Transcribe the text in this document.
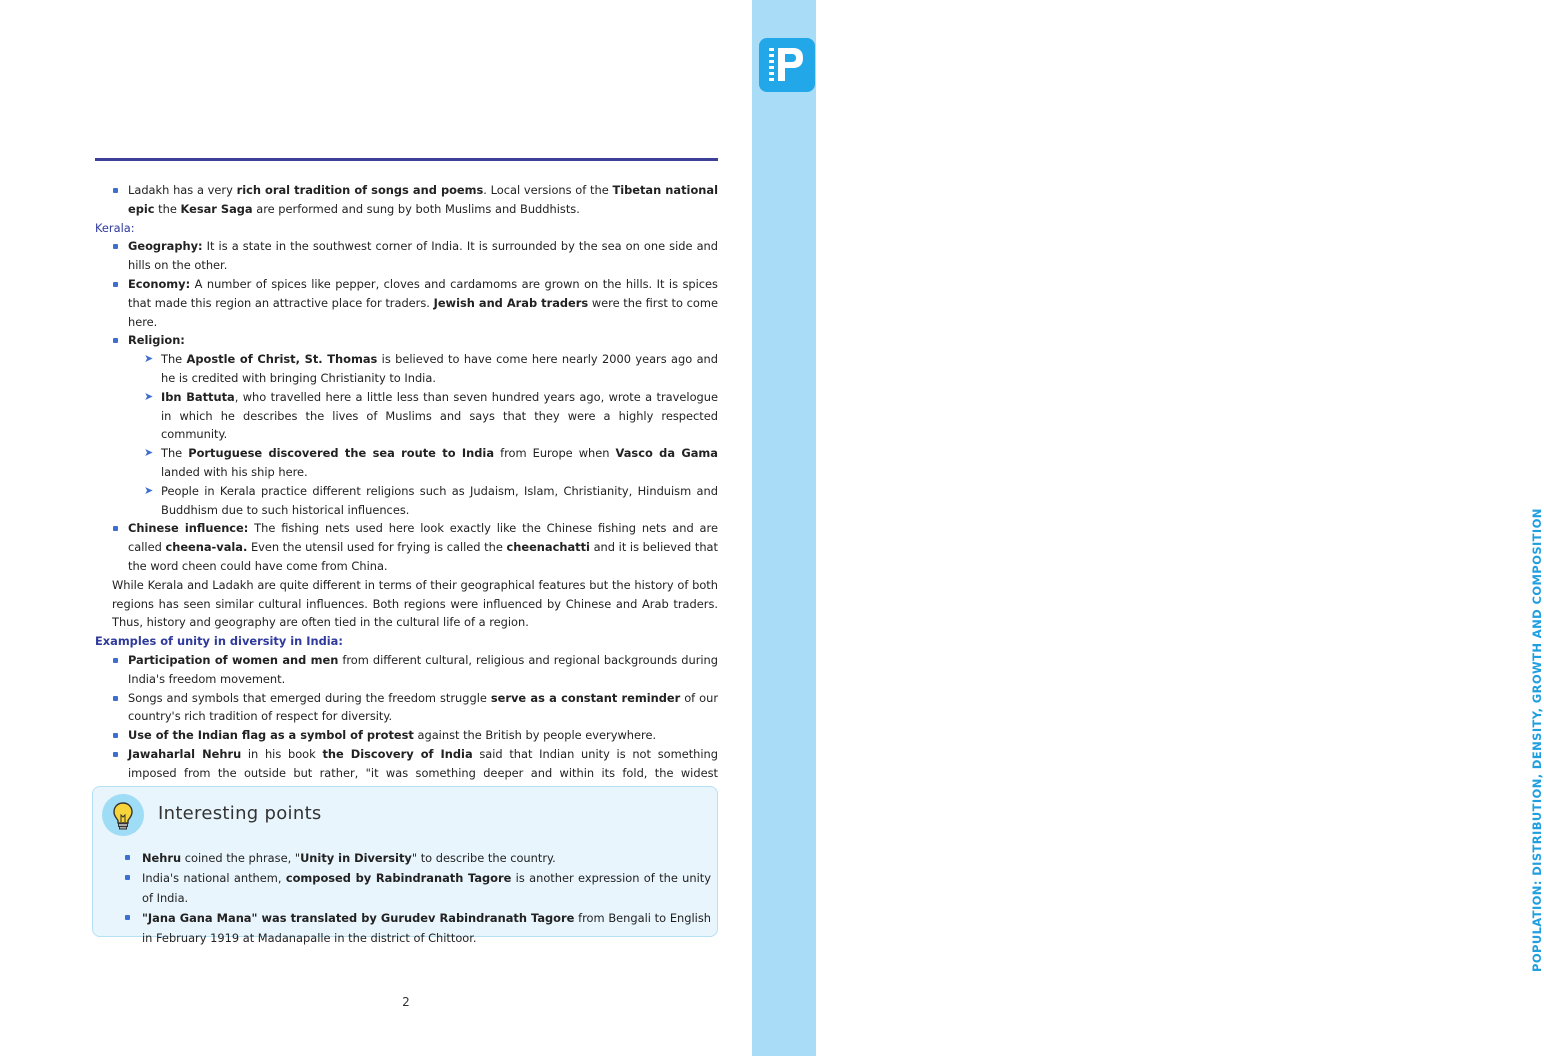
POPULATION: DISTRIBUTION, DENSITY, GROWTH AND COMPOSITION
Ladakh has a very rich oral tradition of songs and poems. Local versions of the Tibetan national epic the Kesar Saga are performed and sung by both Muslims and Buddhists.

Kerala:

Geography: It is a state in the southwest corner of India. It is surrounded by the sea on one side and hills on the other.
Economy: A number of spices like pepper, cloves and cardamoms are grown on the hills. It is spices that made this region an attractive place for traders. Jewish and Arab traders were the first to come here.
Religion:
➤ The Apostle of Christ, St. Thomas is believed to have come here nearly 2000 years ago and he is credited with bringing Christianity to India.
➤ Ibn Battuta, who travelled here a little less than seven hundred years ago, wrote a travelogue in which he describes the lives of Muslims and says that they were a highly respected community.
➤ The Portuguese discovered the sea route to India from Europe when Vasco da Gama landed with his ship here.
➤ People in Kerala practice different religions such as Judaism, Islam, Christianity, Hinduism and Buddhism due to such historical influences.
Chinese influence: The fishing nets used here look exactly like the Chinese fishing nets and are called cheena-vala. Even the utensil used for frying is called the cheenachatti and it is believed that the word cheen could have come from China.

While Kerala and Ladakh are quite different in terms of their geographical features but the history of both regions has seen similar cultural influences. Both regions were influenced by Chinese and Arab traders. Thus, history and geography are often tied in the cultural life of a region.

Examples of unity in diversity in India:

Participation of women and men from different cultural, religious and regional backgrounds during India's freedom movement.
Songs and symbols that emerged during the freedom struggle serve as a constant reminder of our country's rich tradition of respect for diversity.
Use of the Indian flag as a symbol of protest against the British by people everywhere.
Jawaharlal Nehru in his book the Discovery of India said that Indian unity is not something imposed from the outside but rather, "it was something deeper and within its fold, the widest
Interesting points
Nehru coined the phrase, "Unity in Diversity" to describe the country.
India's national anthem, composed by Rabindranath Tagore is another expression of the unity of India.
"Jana Gana Mana" was translated by Gurudev Rabindranath Tagore from Bengali to English in February 1919 at Madanapalle in the district of Chittoor.
2
